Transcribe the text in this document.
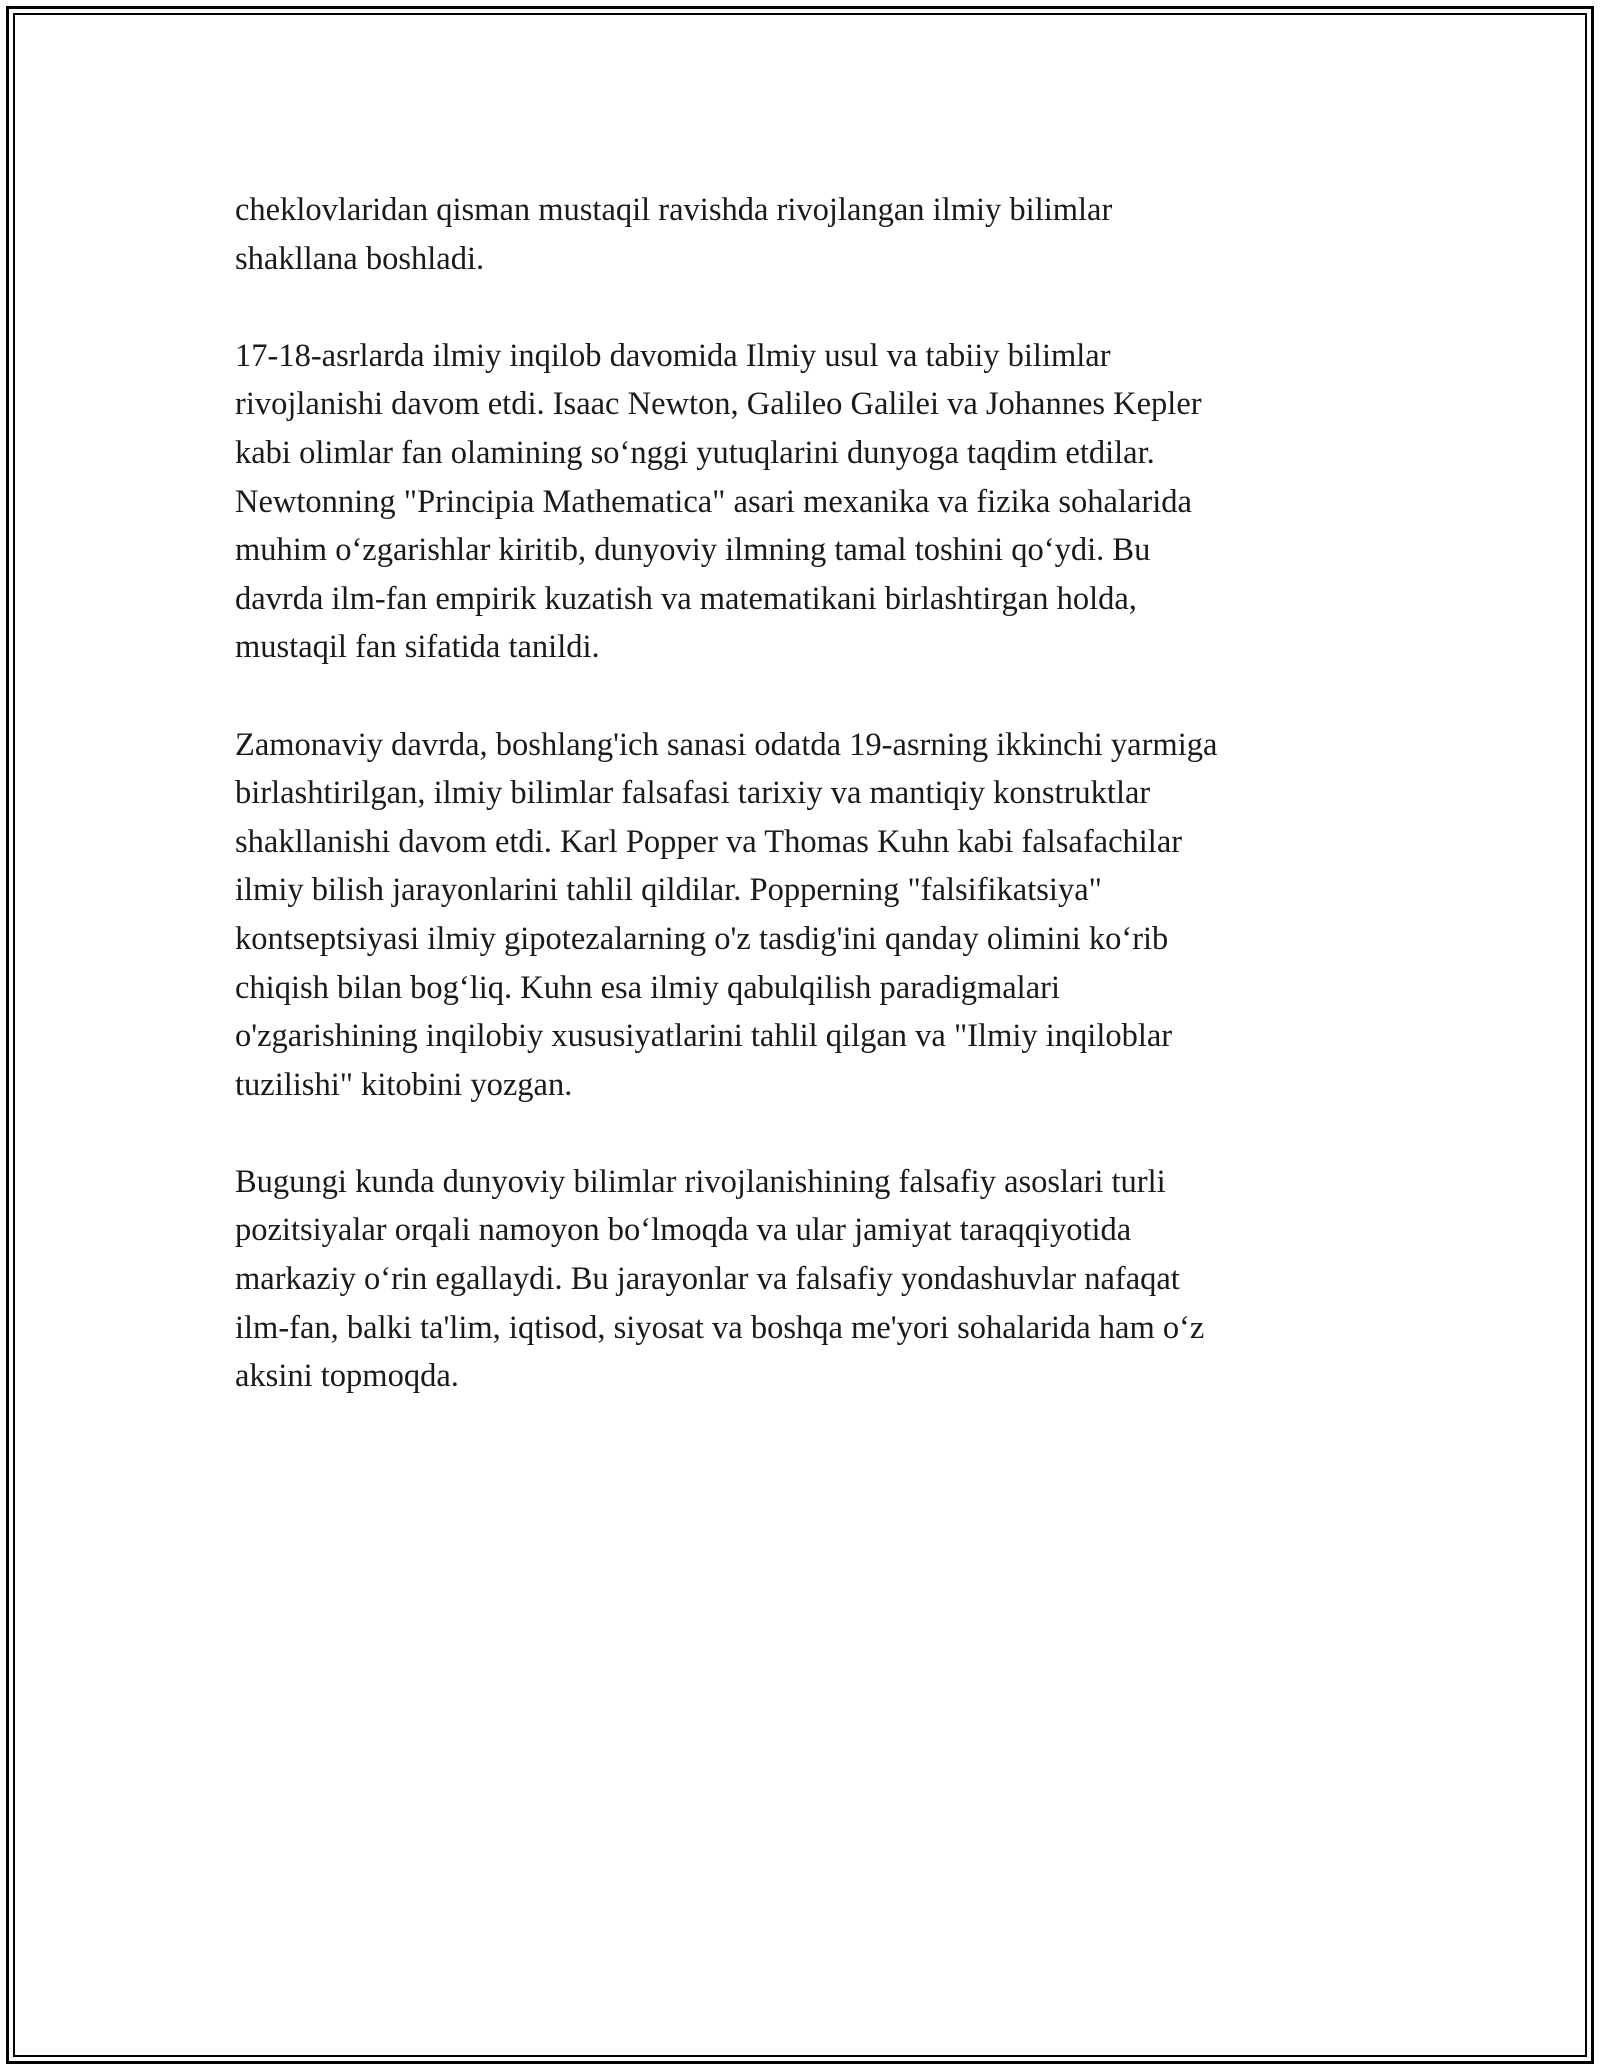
cheklovlaridan qisman mustaqil ravishda rivojlangan ilmiy bilimlar
shakllana boshladi.

17-18-asrlarda ilmiy inqilob davomida Ilmiy usul va tabiiy bilimlar
rivojlanishi davom etdi. Isaac Newton, Galileo Galilei va Johannes Kepler
kabi olimlar fan olamining so‘nggi yutuqlarini dunyoga taqdim etdilar.
Newtonning "Principia Mathematica" asari mexanika va fizika sohalarida
muhim o‘zgarishlar kiritib, dunyoviy ilmning tamal toshini qo‘ydi. Bu
davrda ilm-fan empirik kuzatish va matematikani birlashtirgan holda,
mustaqil fan sifatida tanildi.

Zamonaviy davrda, boshlang'ich sanasi odatda 19-asrning ikkinchi yarmiga
birlashtirilgan, ilmiy bilimlar falsafasi tarixiy va mantiqiy konstruktlar
shakllanishi davom etdi. Karl Popper va Thomas Kuhn kabi falsafachilar
ilmiy bilish jarayonlarini tahlil qildilar. Popperning "falsifikatsiya"
kontseptsiyasi ilmiy gipotezalarning o'z tasdig'ini qanday olimini ko‘rib
chiqish bilan bog‘liq. Kuhn esa ilmiy qabulqilish paradigmalari
o'zgarishining inqilobiy xususiyatlarini tahlil qilgan va "Ilmiy inqiloblar
tuzilishi" kitobini yozgan.

Bugungi kunda dunyoviy bilimlar rivojlanishining falsafiy asoslari turli
pozitsiyalar orqali namoyon bo‘lmoqda va ular jamiyat taraqqiyotida
markaziy o‘rin egallaydi. Bu jarayonlar va falsafiy yondashuvlar nafaqat
ilm-fan, balki ta'lim, iqtisod, siyosat va boshqa me'yori sohalarida ham o‘z
aksini topmoqda.
